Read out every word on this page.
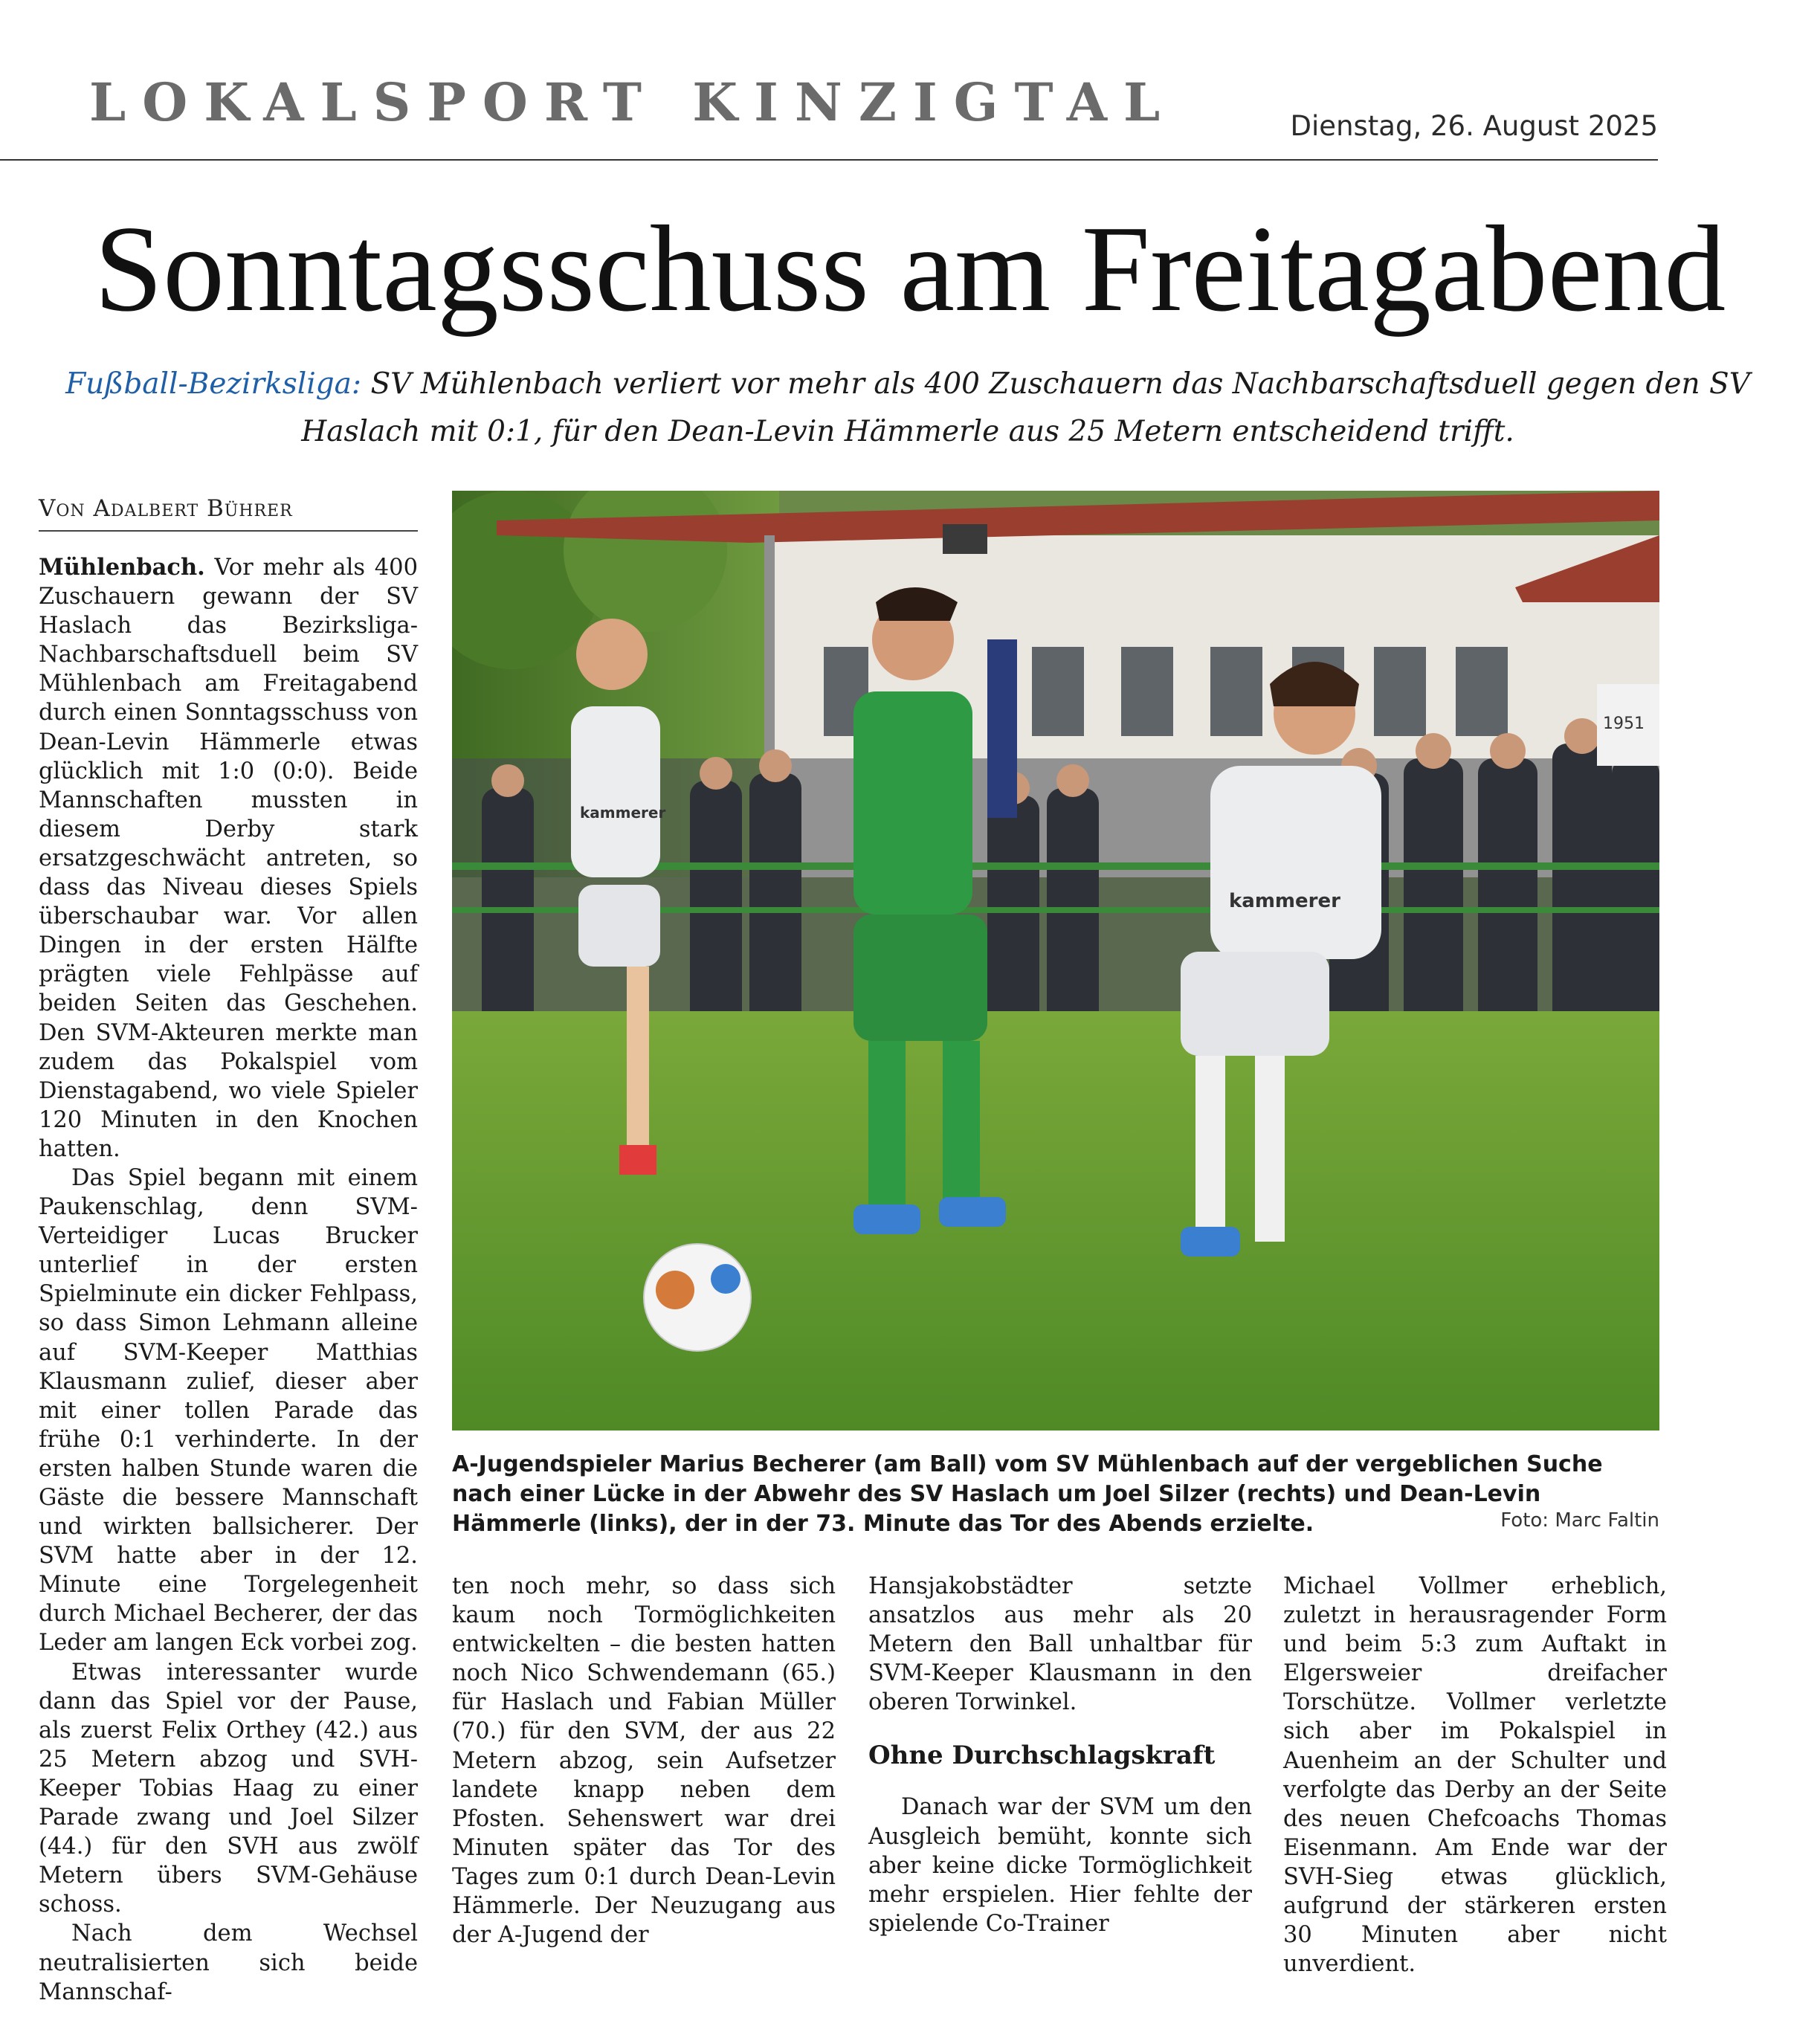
LOKALSPORT KINZIGTAL	Dienstag, 26. August 2025
Sonntagsschuss am Freitagabend

Fußball-Bezirksliga: SV Mühlenbach verliert vor mehr als 400 Zuschauern das Nachbarschaftsduell gegen den SV Haslach mit 0:1, für den Dean-Levin Hämmerle aus 25 Metern entscheidend trifft.

Von Adalbert Bührer

Mühlenbach. Vor mehr als 400 Zuschauern gewann der SV Haslach das Bezirksliga-Nachbarschaftsduell beim SV Mühlenbach am Freitagabend durch einen Sonntagsschuss von Dean-Levin Hämmerle etwas glücklich mit 1:0 (0:0). Beide Mannschaften mussten in diesem Derby stark ersatzgeschwächt antreten, so dass das Niveau dieses Spiels überschaubar war. Vor allen Dingen in der ersten Hälfte prägten viele Fehlpässe auf beiden Seiten das Geschehen. Den SVM-Akteuren merkte man zudem das Pokalspiel vom Dienstagabend, wo viele Spieler 120 Minuten in den Knochen hatten.

Das Spiel begann mit einem Paukenschlag, denn SVM-Verteidiger Lucas Brucker unterlief in der ersten Spielminute ein dicker Fehlpass, so dass Simon Lehmann alleine auf SVM-Keeper Matthias Klausmann zulief, dieser aber mit einer tollen Parade das frühe 0:1 verhinderte. In der ersten halben Stunde waren die Gäste die bessere Mannschaft und wirkten ballsicherer. Der SVM hatte aber in der 12. Minute eine Torgelegenheit durch Michael Becherer, der das Leder am langen Eck vorbei zog.

Etwas interessanter wurde dann das Spiel vor der Pause, als zuerst Felix Orthey (42.) aus 25 Metern abzog und SVH-Keeper Tobias Haag zu einer Parade zwang und Joel Silzer (44.) für den SVH aus zwölf Metern übers SVM-Gehäuse schoss.

Nach dem Wechsel neutralisierten sich beide Mannschaf-

1951
kammerer
kammerer
A-Jugendspieler Marius Becherer (am Ball) vom SV Mühlenbach auf der vergeblichen Suche nach einer Lücke in der Abwehr des SV Haslach um Joel Silzer (rechts) und Dean-Levin Hämmerle (links), der in der 73. Minute das Tor des Abends erzielte.	Foto: Marc Faltin

ten noch mehr, so dass sich kaum noch Tormöglichkeiten entwickelten – die besten hatten noch Nico Schwendemann (65.) für Haslach und Fabian Müller (70.) für den SVM, der aus 22 Metern abzog, sein Aufsetzer landete knapp neben dem Pfosten. Sehenswert war drei Minuten später das Tor des Tages zum 0:1 durch Dean-Levin Hämmerle. Der Neuzugang aus der A-Jugend der

Hansjakobstädter setzte ansatzlos aus mehr als 20 Metern den Ball unhaltbar für SVM-Keeper Klausmann in den oberen Torwinkel.

Ohne Durchschlagskraft

Danach war der SVM um den Ausgleich bemüht, konnte sich aber keine dicke Tormöglichkeit mehr erspielen. Hier fehlte der spielende Co-Trainer

Michael Vollmer erheblich, zuletzt in herausragender Form und beim 5:3 zum Auftakt in Elgersweier dreifacher Torschütze. Vollmer verletzte sich aber im Pokalspiel in Auenheim an der Schulter und verfolgte das Derby an der Seite des neuen Chefcoachs Thomas Eisenmann. Am Ende war der SVH-Sieg etwas glücklich, aufgrund der stärkeren ersten 30 Minuten aber nicht unverdient.
